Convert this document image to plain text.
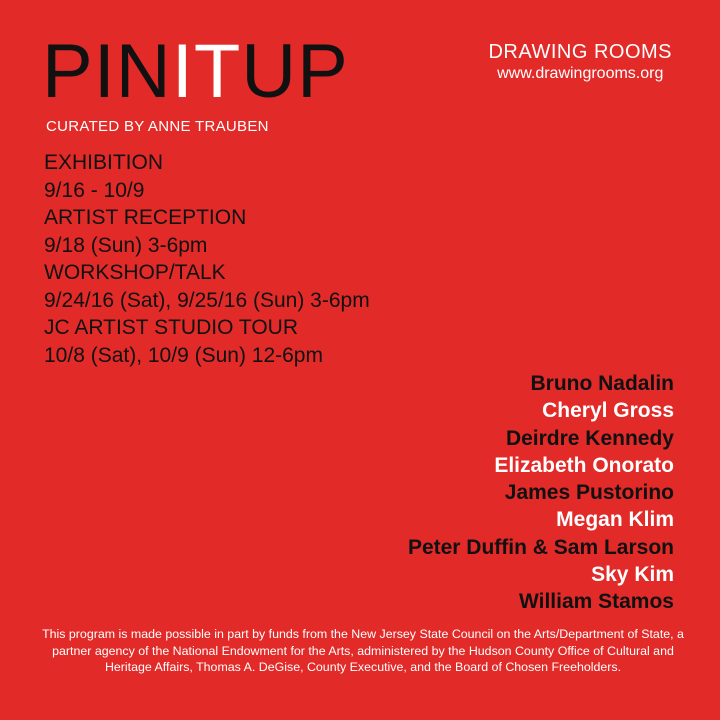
PINITUP
CURATED BY ANNE TRAUBEN
DRAWING ROOMS
www.drawingrooms.org
EXHIBITION
9/16 - 10/9
ARTIST RECEPTION
9/18 (Sun) 3-6pm
WORKSHOP/TALK
9/24/16 (Sat), 9/25/16 (Sun) 3-6pm
JC ARTIST STUDIO TOUR
10/8 (Sat), 10/9 (Sun) 12-6pm
Bruno Nadalin
Cheryl Gross
Deirdre Kennedy
Elizabeth Onorato
James Pustorino
Megan Klim
Peter Duffin & Sam Larson
Sky Kim
William Stamos
This program is made possible in part by funds from the New Jersey State Council on the Arts/Department of State, a partner agency of the National Endowment for the Arts, administered by the Hudson County Office of Cultural and Heritage Affairs, Thomas A. DeGise, County Executive, and the Board of Chosen Freeholders.
